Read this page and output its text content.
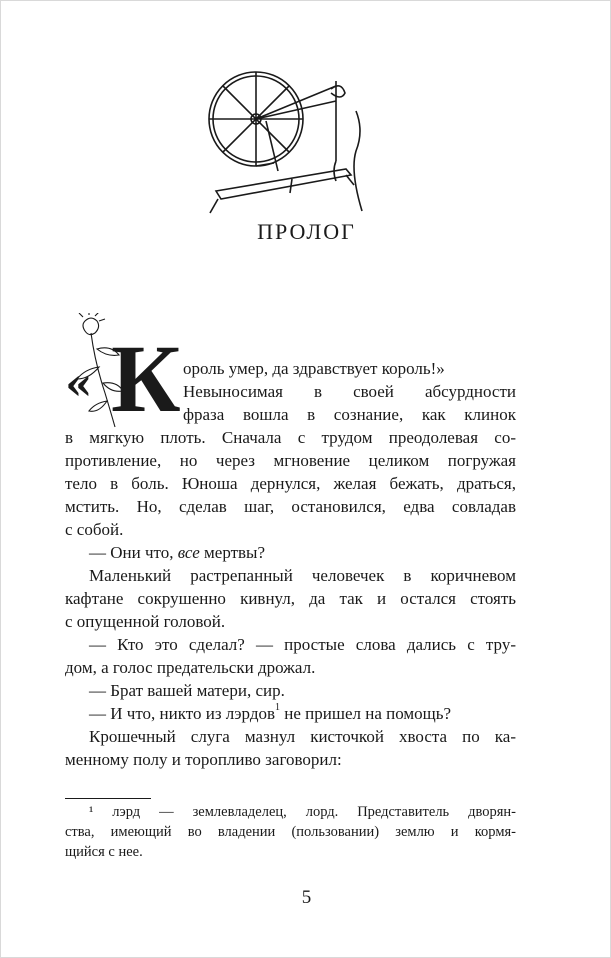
ПРОЛОГ
« К ороль умер, да здравствует король!»
Невыносимая в своей абсурдности
фраза вошла в сознание, как клинок
в мягкую плоть. Сначала с трудом преодолевая со-
противление, но через мгновение целиком погружая
тело в боль. Юноша дернулся, желая бежать, драться,
мстить. Но, сделав шаг, остановился, едва совладав
с собой.
— Они что, все мертвы?
Маленький растрепанный человечек в коричневом
кафтане сокрушенно кивнул, да так и остался стоять
с опущенной головой.
— Кто это сделал? — простые слова дались с тру-
дом, а голос предательски дрожал.
— Брат вашей матери, сир.
— И что, никто из лэрдов$^1$ не пришел на помощь?
Крошечный слуга мазнул кисточкой хвоста по ка-
менному полу и торопливо заговорил:
¹ лэрд — землевладелец, лорд. Представитель дворян-
ства, имеющий во владении (пользовании) землю и кормя-
щийся с нее.
5
